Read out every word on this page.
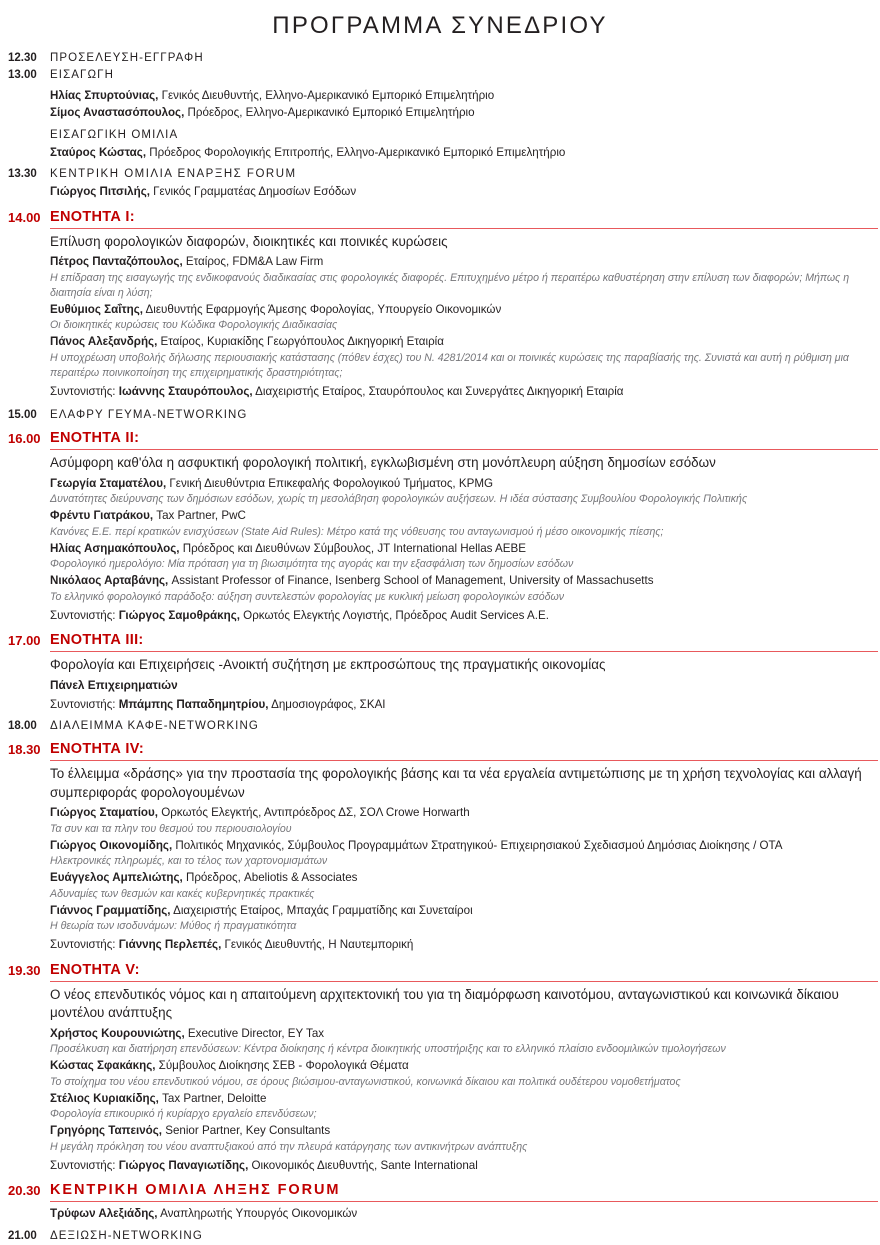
ΠΡΟΓΡΑΜΜΑ ΣΥΝΕΔΡΙΟΥ
12.30	ΠΡΟΣΕΛΕΥΣΗ-ΕΓΓΡΑΦΗ
13.00	ΕΙΣΑΓΩΓΗ
Ηλίας Σπυρτούνιας, Γενικός Διευθυντής, Ελληνο-Αμερικανικό Εμπορικό Επιμελητήριο
Σίμος Αναστασόπουλος, Πρόεδρος, Ελληνο-Αμερικανικό Εμπορικό Επιμελητήριο
ΕΙΣΑΓΩΓΙΚΗ ΟΜΙΛΙΑ
Σταύρος Κώστας, Πρόεδρος Φορολογικής Επιτροπής, Ελληνο-Αμερικανικό Εμπορικό Επιμελητήριο
13.30	ΚΕΝΤΡΙΚΗ ΟΜΙΛΙΑ ΕΝΑΡΞΗΣ FORUM
Γιώργος Πιτσιλής, Γενικός Γραμματέας Δημοσίων Εσόδων
14.00 ΕΝΟΤΗΤΑ I:
Επίλυση φορολογικών διαφορών, διοικητικές και ποινικές κυρώσεις
Πέτρος Πανταζόπουλος, Εταίρος, FDM&A Law Firm
Η επίδραση της εισαγωγής της ενδικοφανούς διαδικασίας στις φορολογικές διαφορές. Επιτυχημένο μέτρο ή περαιτέρω καθυστέρηση στην επίλυση των διαφορών; Μήπως η διαιτησία είναι η λύση;
Ευθύμιος Σαΐτης, Διευθυντής Εφαρμογής Άμεσης Φορολογίας, Υπουργείο Οικονομικών
Οι διοικητικές κυρώσεις του Κώδικα Φορολογικής Διαδικασίας
Πάνος Αλεξανδρής, Εταίρος, Κυριακίδης Γεωργόπουλος Δικηγορική Εταιρία
Η υποχρέωση υποβολής δήλωσης περιουσιακής κατάστασης (πόθεν έσχες) του Ν. 4281/2014 και οι ποινικές κυρώσεις της παραβίασής της. Συνιστά και αυτή η ρύθμιση μια περαιτέρω ποινικοποίηση της επιχειρηματικής δραστηριότητας;
Συντονιστής: Ιωάννης Σταυρόπουλος, Διαχειριστής Εταίρος, Σταυρόπουλος και Συνεργάτες Δικηγορική Εταιρία
15.00	ΕΛΑΦΡΥ ΓΕΥΜΑ-NETWORKING
16.00 ΕΝΟΤΗΤΑ II:
Ασύμφορη καθ'όλα η ασφυκτική φορολογική πολιτική, εγκλωβισμένη στη μονόπλευρη αύξηση δημοσίων εσόδων
Γεωργία Σταματέλου, Γενική Διευθύντρια Επικεφαλής Φορολογικού Τμήματος, KPMG
Δυνατότητες διεύρυνσης των δημόσιων εσόδων, χωρίς τη μεσολάβηση φορολογικών αυξήσεων. Η ιδέα σύστασης Συμβουλίου Φορολογικής Πολιτικής
Φρέντυ Γιατράκου, Tax Partner, PwC
Κανόνες Ε.Ε. περί κρατικών ενισχύσεων (State Aid Rules): Μέτρο κατά της νόθευσης του ανταγωνισμού ή μέσο οικονομικής πίεσης;
Ηλίας Ασημακόπουλος, Πρόεδρος και Διευθύνων Σύμβουλος, JT International Hellas AEBE
Φορολογικό ημερολόγιο: Μία πρόταση για τη βιωσιμότητα της αγοράς και την εξασφάλιση των δημοσίων εσόδων
Νικόλαος Αρταβάνης, Assistant Professor of Finance, Isenberg School of Management, University of Massachusetts
Το ελληνικό φορολογικό παράδοξο: αύξηση συντελεστών φορολογίας με κυκλική μείωση φορολογικών εσόδων
Συντονιστής: Γιώργος Σαμοθράκης, Ορκωτός Ελεγκτής Λογιστής, Πρόεδρος Audit Services A.E.
17.00 ΕΝΟΤΗΤΑ III:
Φορολογία και Επιχειρήσεις -Ανοικτή συζήτηση με εκπροσώπους της πραγματικής οικονομίας
Πάνελ Επιχειρηματιών
Συντονιστής: Μπάμπης Παπαδημητρίου, Δημοσιογράφος, ΣΚΑΙ
18.00	ΔΙΑΛΕΙΜΜΑ ΚΑΦΕ-NETWORKING
18.30 ΕΝΟΤΗΤΑ IV:
Το έλλειμμα «δράσης» για την προστασία της φορολογικής βάσης και τα νέα εργαλεία αντιμετώπισης με τη χρήση τεχνολογίας και αλλαγή συμπεριφοράς φορολογουμένων
Γιώργος Σταματίου, Ορκωτός Ελεγκτής, Αντιπρόεδρος ΔΣ, ΣΟΛ Crowe Horwarth
Τα συν και τα πλην του θεσμού του περιουσιολογίου
Γιώργος Οικονομίδης, Πολιτικός Μηχανικός, Σύμβουλος Προγραμμάτων Στρατηγικού- Επιχειρησιακού Σχεδιασμού Δημόσιας Διοίκησης / ΟΤΑ
Ηλεκτρονικές πληρωμές, και το τέλος των χαρτονομισμάτων
Ευάγγελος Αμπελιώτης, Πρόεδρος, Abeliotis & Associates
Αδυναμίες των θεσμών και κακές κυβερνητικές πρακτικές
Γιάννος Γραμματίδης, Διαχειριστής Εταίρος, Μπαχάς Γραμματίδης και Συνεταίροι
Η θεωρία των ισοδυνάμων: Μύθος ή πραγματικότητα
Συντονιστής: Γιάννης Περλεπές, Γενικός Διευθυντής, Η Ναυτεμπορική
19.30 ΕΝΟΤΗΤΑ V:
Ο νέος επενδυτικός νόμος και η απαιτούμενη αρχιτεκτονική του για τη διαμόρφωση καινοτόμου, ανταγωνιστικού και κοινωνικά δίκαιου μοντέλου ανάπτυξης
Χρήστος Κουρουνιώτης, Executive Director, EY Tax
Προσέλκυση και διατήρηση επενδύσεων: Κέντρα διοίκησης ή κέντρα διοικητικής υποστήριξης και το ελληνικό πλαίσιο ενδοομιλικών τιμολογήσεων
Κώστας Σφακάκης, Σύμβουλος Διοίκησης ΣΕΒ - Φορολογικά Θέματα
Το στοίχημα του νέου επενδυτικού νόμου, σε όρους βιώσιμου-ανταγωνιστικού, κοινωνικά δίκαιου και πολιτικά ουδέτερου νομοθετήματος
Στέλιος Κυριακίδης, Tax Partner, Deloitte
Φορολογία επικουρικό ή κυρίαρχο εργαλείο επενδύσεων;
Γρηγόρης Ταπεινός, Senior Partner, Key Consultants
Η μεγάλη πρόκληση του νέου αναπτυξιακού από την πλευρά κατάργησης των αντικινήτρων ανάπτυξης
Συντονιστής: Γιώργος Παναγιωτίδης, Οικονομικός Διευθυντής, Sante International
20.30 ΚΕΝΤΡΙΚΗ ΟΜΙΛΙΑ ΛΗΞΗΣ FORUM
Τρύφων Αλεξιάδης, Αναπληρωτής Υπουργός Οικονομικών
21.00	ΔΕΞΙΩΣΗ-NETWORKING
